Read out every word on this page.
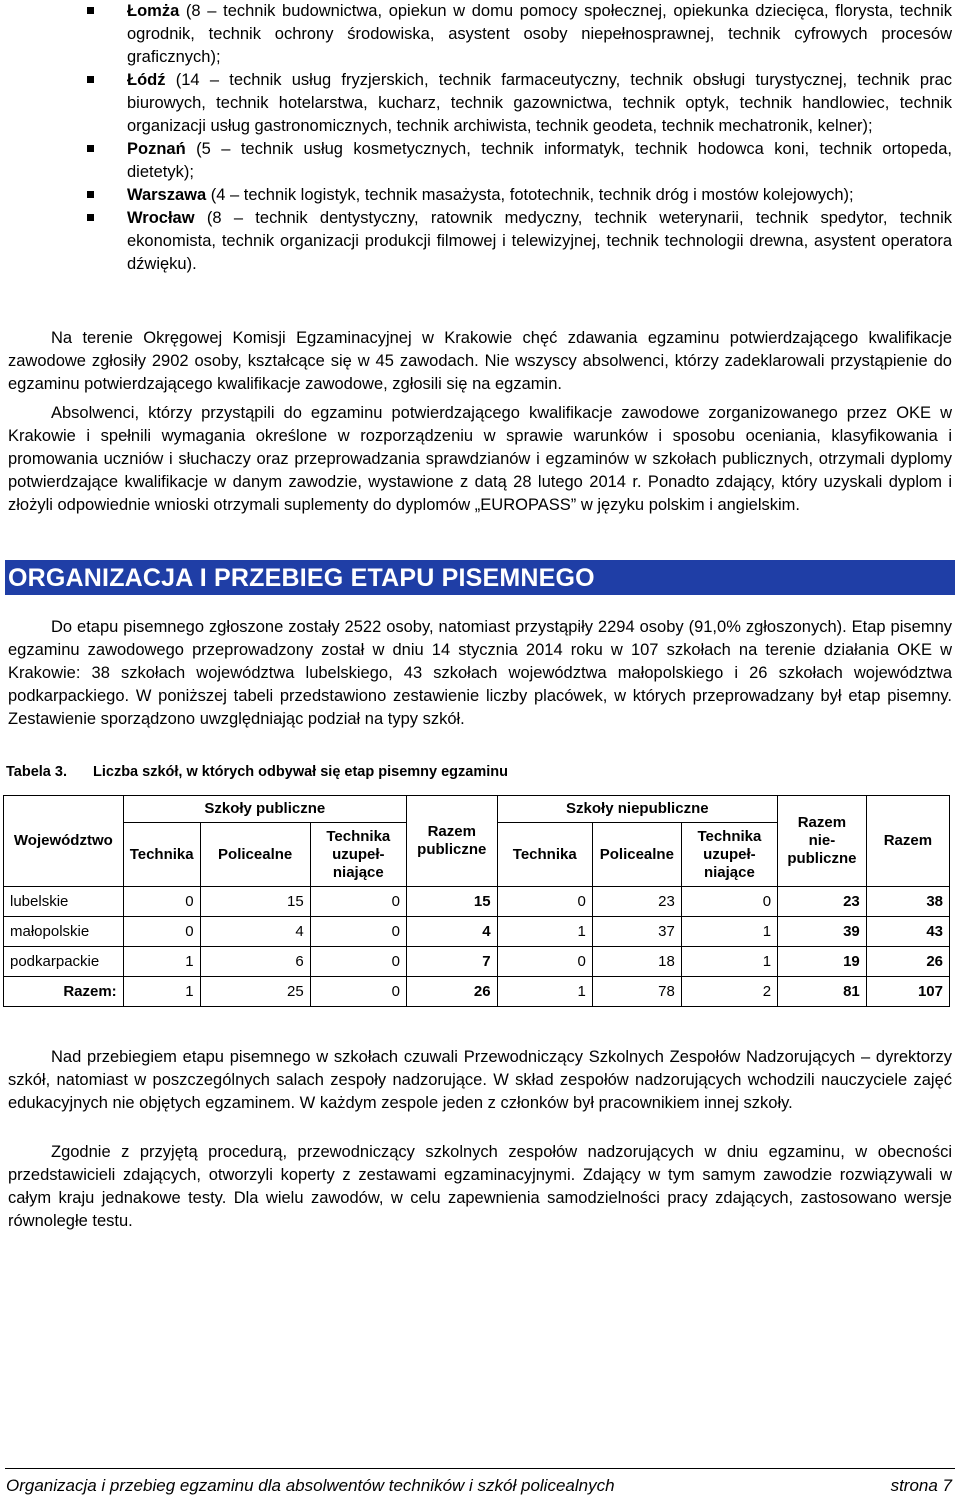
Łomża (8 – technik budownictwa, opiekun w domu pomocy społecznej, opiekunka dziecięca, florysta, technik ogrodnik, technik ochrony środowiska, asystent osoby niepełnosprawnej, technik cyfrowych procesów graficznych);
Łódź (14 – technik usług fryzjerskich, technik farmaceutyczny, technik obsługi turystycznej, technik prac biurowych, technik hotelarstwa, kucharz, technik gazownictwa, technik optyk, technik handlowiec, technik organizacji usług gastronomicznych, technik archiwista, technik geodeta, technik mechatronik, kelner);
Poznań (5 – technik usług kosmetycznych, technik informatyk, technik hodowca koni, technik ortopeda, dietetyk);
Warszawa (4 – technik logistyk, technik masażysta, fototechnik, technik dróg i mostów kolejowych);
Wrocław (8 – technik dentystyczny, ratownik medyczny, technik weterynarii, technik spedytor, technik ekonomista, technik organizacji produkcji filmowej i telewizyjnej, technik technologii drewna, asystent operatora dźwięku).

Na terenie Okręgowej Komisji Egzaminacyjnej w Krakowie chęć zdawania egzaminu potwierdzającego kwalifikacje zawodowe zgłosiły 2902 osoby, kształcące się w 45 zawodach. Nie wszyscy absolwenci, którzy zadeklarowali przystąpienie do egzaminu potwierdzającego kwalifikacje zawodowe, zgłosili się na egzamin.

Absolwenci, którzy przystąpili do egzaminu potwierdzającego kwalifikacje zawodowe zorganizowanego przez OKE w Krakowie i spełnili wymagania określone w rozporządzeniu w sprawie warunków i sposobu oceniania, klasyfikowania i promowania uczniów i słuchaczy oraz przeprowadzania sprawdzianów i egzaminów w szkołach publicznych, otrzymali dyplomy potwierdzające kwalifikacje w danym zawodzie, wystawione z datą 28 lutego 2014 r. Ponadto zdający, który uzyskali dyplom i złożyli odpowiednie wnioski otrzymali suplementy do dyplomów „EUROPASS” w języku polskim i angielskim.

ORGANIZACJA I PRZEBIEG ETAPU PISEMNEGO

Do etapu pisemnego zgłoszone zostały 2522 osoby, natomiast przystąpiły 2294 osoby (91,0% zgłoszonych). Etap pisemny egzaminu zawodowego przeprowadzony został w dniu 14 stycznia 2014 roku w 107 szkołach na terenie działania OKE w Krakowie: 38 szkołach województwa lubelskiego, 43 szkołach województwa małopolskiego i 26 szkołach województwa podkarpackiego. W poniższej tabeli przedstawiono zestawienie liczby placówek, w których przeprowadzany był etap pisemny. Zestawienie sporządzono uwzględniając podział na typy szkół.

Tabela 3. Liczba szkół, w których odbywał się etap pisemny egzaminu
Województwo	Szkoły publiczne			Razem publiczne	Szkoły niepubliczne			Razem nie-publiczne	Razem
	Technika	Policealne	Technika uzupeł-niające		Technika	Policealne	Technika uzupeł-niające		
lubelskie	0	15	0	15	0	23	0	23	38
małopolskie	0	4	0	4	1	37	1	39	43
podkarpackie	1	6	0	7	0	18	1	19	26
Razem:	1	25	0	26	1	78	2	81	107

Nad przebiegiem etapu pisemnego w szkołach czuwali Przewodniczący Szkolnych Zespołów Nadzorujących – dyrektorzy szkół, natomiast w poszczególnych salach zespoły nadzorujące. W skład zespołów nadzorujących wchodzili nauczyciele zajęć edukacyjnych nie objętych egzaminem. W każdym zespole jeden z członków był pracownikiem innej szkoły.

Zgodnie z przyjętą procedurą, przewodniczący szkolnych zespołów nadzorujących w dniu egzaminu, w obecności przedstawicieli zdających, otworzyli koperty z zestawami egzaminacyjnymi. Zdający w tym samym zawodzie rozwiązywali w całym kraju jednakowe testy. Dla wielu zawodów, w celu zapewnienia samodzielności pracy zdających, zastosowano wersje równoległe testu.

Organizacja i przebieg egzaminu dla absolwentów techników i szkół policealnych	strona 7
